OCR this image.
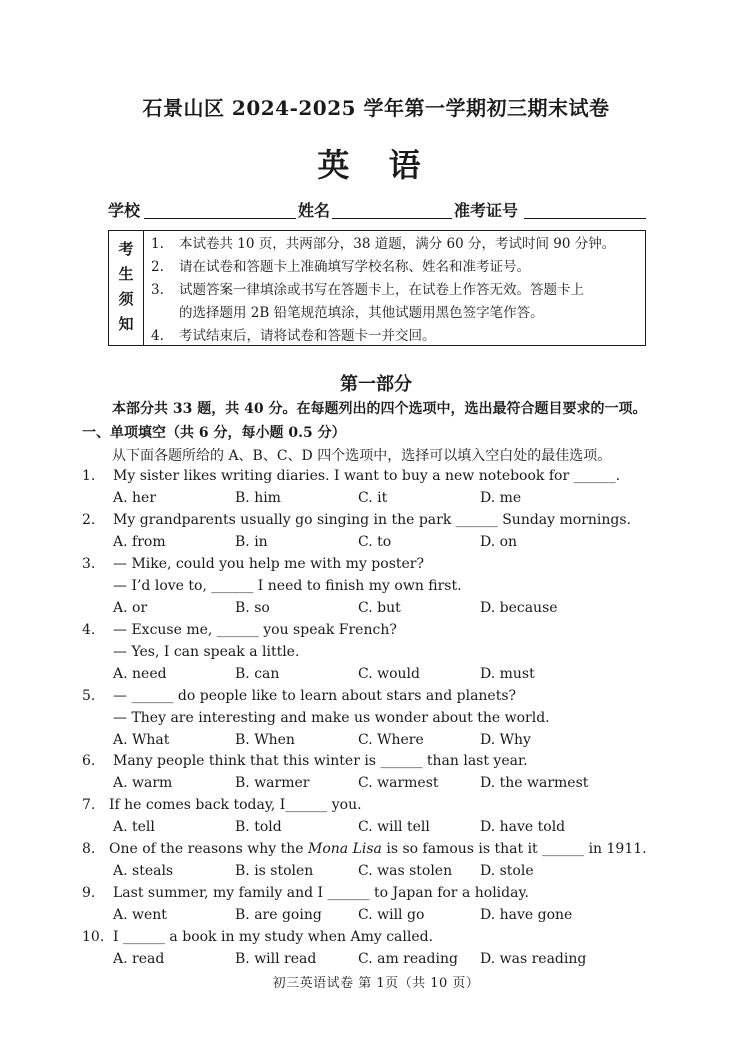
石景山区 2024-2025 学年第一学期初三期末试卷
英 语
学校	姓名	准考证号
考
生
须
知
1. 本试卷共 10 页，共两部分，38 道题，满分 60 分，考试时间 90 分钟。
2. 请在试卷和答题卡上准确填写学校名称、姓名和准考证号。
3. 试题答案一律填涂或书写在答题卡上，在试卷上作答无效。答题卡上
的选择题用 2B 铅笔规范填涂，其他试题用黑色签字笔作答。
4. 考试结束后，请将试卷和答题卡一并交回。
第一部分
本部分共 33 题，共 40 分。在每题列出的四个选项中，选出最符合题目要求的一项。
一、单项填空（共 6 分，每小题 0.5 分）
从下面各题所给的 A、B、C、D 四个选项中，选择可以填入空白处的最佳选项。
1. My sister likes writing diaries. I want to buy a new notebook for ______.
A. her	B. him	C. it	D. me
2. My grandparents usually go singing in the park ______ Sunday mornings.
A. from	B. in	C. to	D. on
3. — Mike, could you help me with my poster?
— I’d love to, ______ I need to finish my own first.
A. or	B. so	C. but	D. because
4. — Excuse me, ______ you speak French?
— Yes, I can speak a little.
A. need	B. can	C. would	D. must
5. — ______ do people like to learn about stars and planets?
— They are interesting and make us wonder about the world.
A. What	B. When	C. Where	D. Why
6. Many people think that this winter is ______ than last year.
A. warm	B. warmer	C. warmest	D. the warmest
7. If he comes back today, I______ you.
A. tell	B. told	C. will tell	D. have told
8. One of the reasons why the Mona Lisa is so famous is that it ______ in 1911.
A. steals	B. is stolen	C. was stolen D. stole
9. Last summer, my family and I ______ to Japan for a holiday.
A. went	B. are going	C. will go	D. have gone
10. I ______ a book in my study when Amy called.
A. read	B. will read	C. am reading D. was reading
初三英语试卷 第 1页（共 10 页）
